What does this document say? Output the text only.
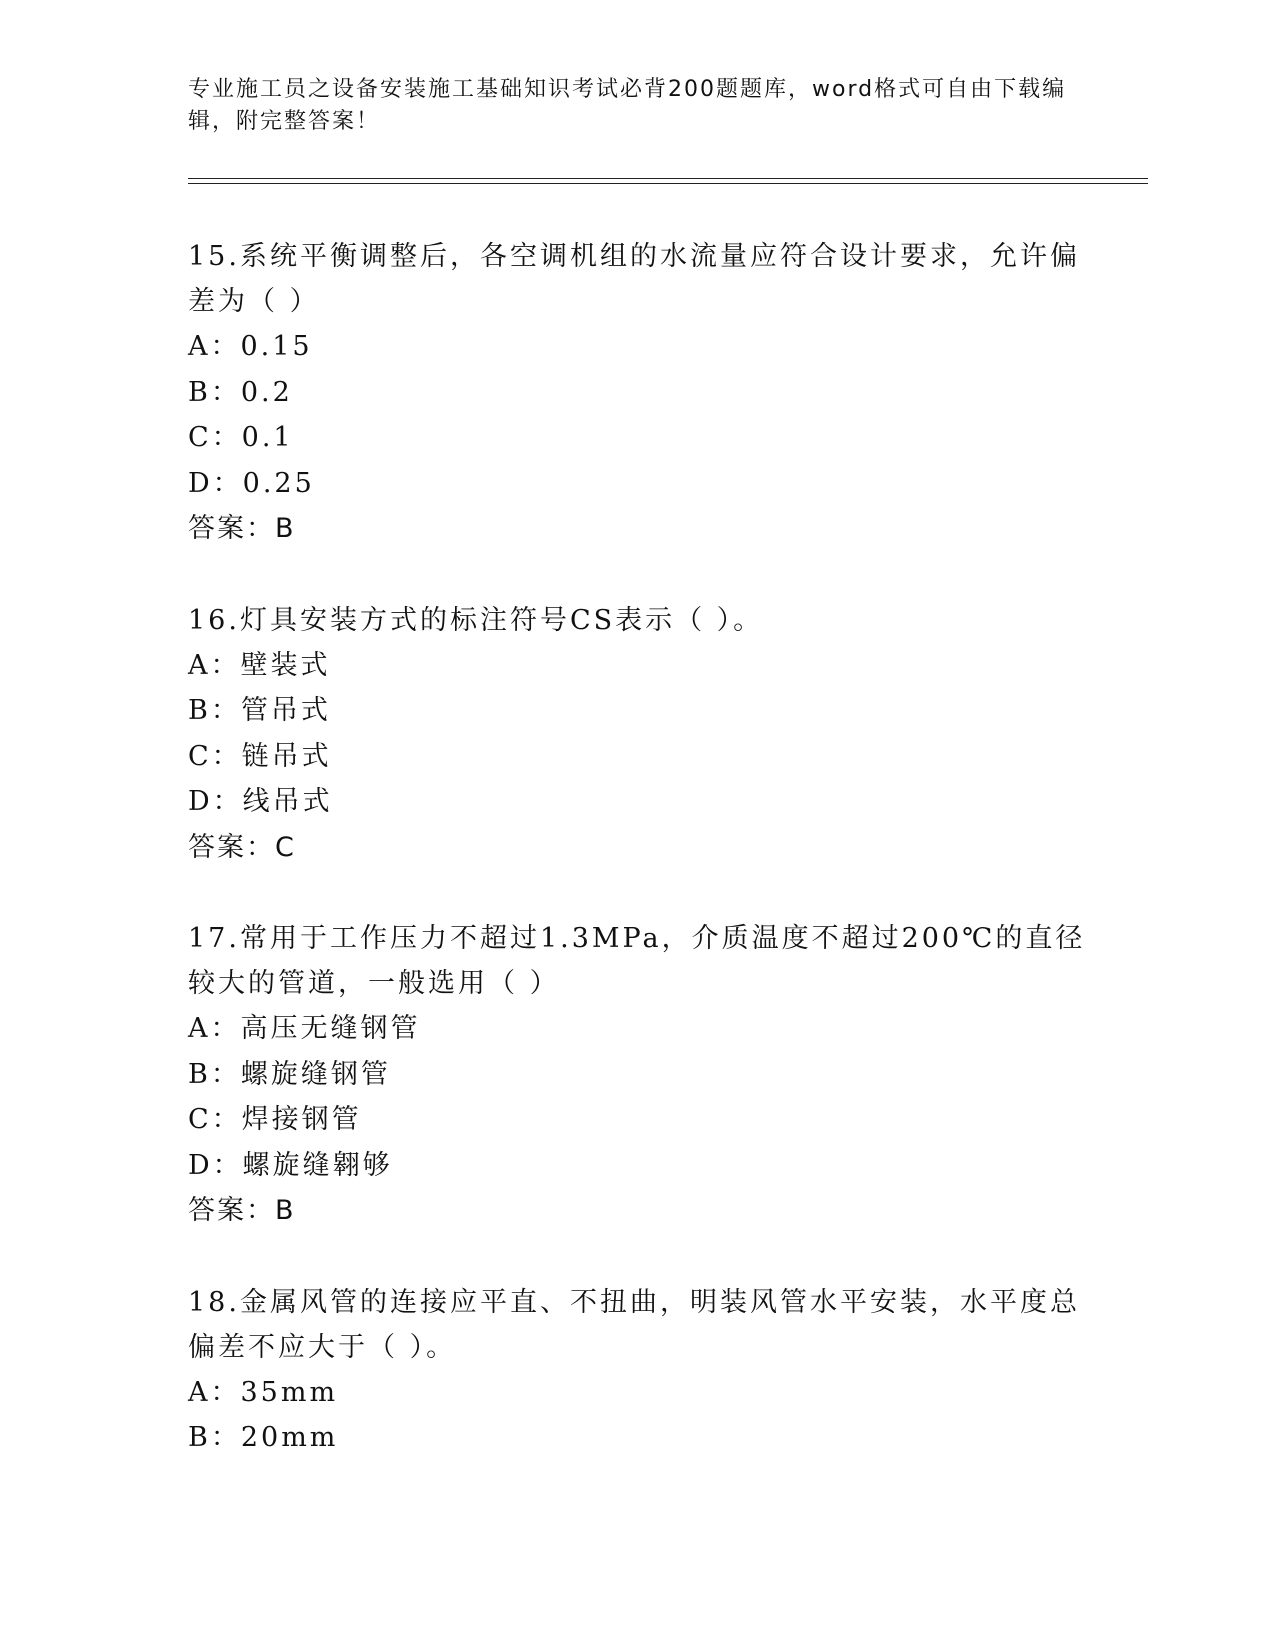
专业施工员之设备安装施工基础知识考试必背200题题库，word格式可自由下载编辑，附完整答案！
15.系统平衡调整后，各空调机组的水流量应符合设计要求，允许偏差为（ ）
A：0.15
B：0.2
C：0.1
D：0.25
答案：B
16.灯具安装方式的标注符号CS表示（ ）。
A：壁装式
B：管吊式
C：链吊式
D：线吊式
答案：C
17.常用于工作压力不超过1.3MPa，介质温度不超过200℃的直径较大的管道，一般选用（ ）
A：高压无缝钢管
B：螺旋缝钢管
C：焊接钢管
D：螺旋缝翱够
答案：B
18.金属风管的连接应平直、不扭曲，明装风管水平安装，水平度总偏差不应大于（ ）。
A：35mm
B：20mm
